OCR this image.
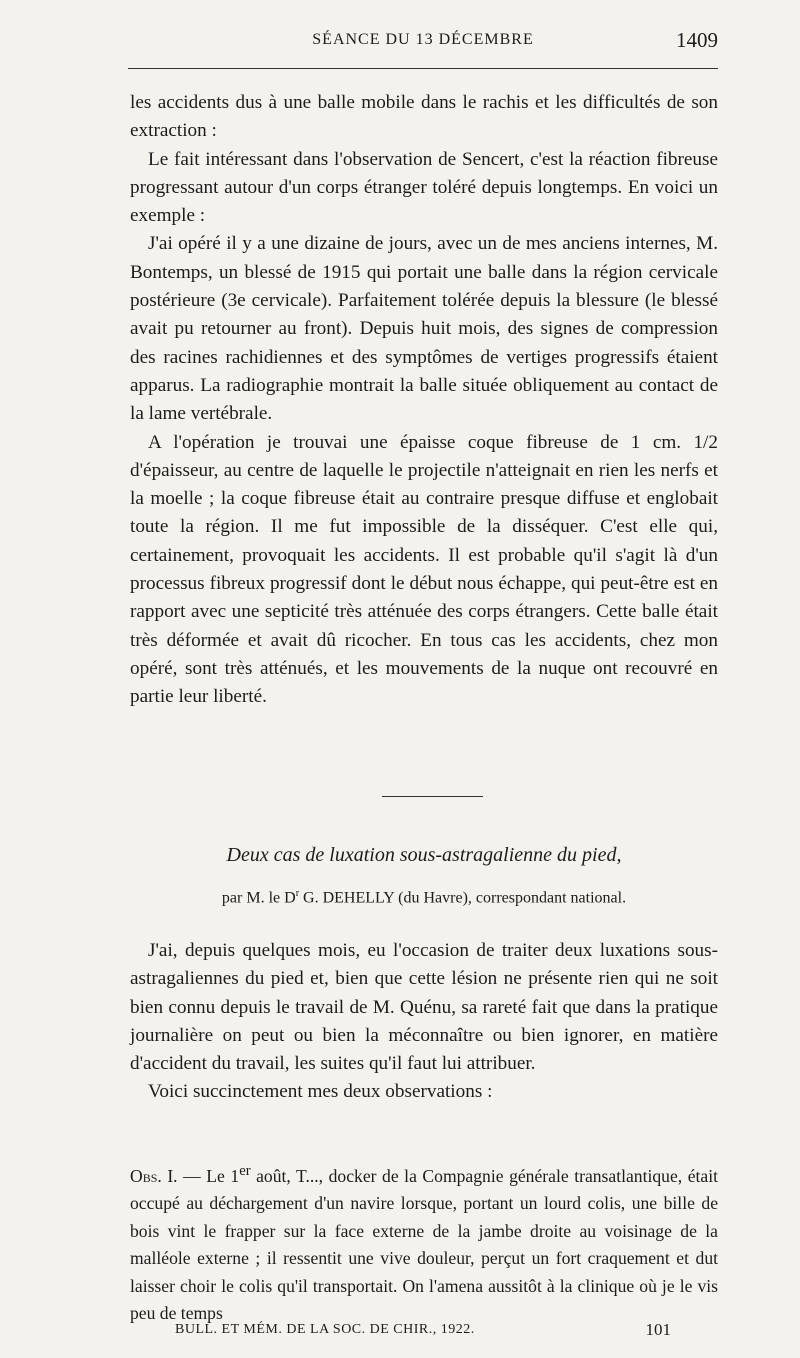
SÉANCE DU 13 DÉCEMBRE	1409

les accidents dus à une balle mobile dans le rachis et les difficultés de son extraction :

Le fait intéressant dans l'observation de Sencert, c'est la réaction fibreuse progressant autour d'un corps étranger toléré depuis longtemps. En voici un exemple :

J'ai opéré il y a une dizaine de jours, avec un de mes anciens internes, M. Bontemps, un blessé de 1915 qui portait une balle dans la région cervicale postérieure (3e cervicale). Parfaitement tolérée depuis la blessure (le blessé avait pu retourner au front). Depuis huit mois, des signes de compression des racines rachidiennes et des symptômes de vertiges progressifs étaient apparus. La radiographie montrait la balle située obliquement au contact de la lame vertébrale.

A l'opération je trouvai une épaisse coque fibreuse de 1 cm. 1/2 d'épaisseur, au centre de laquelle le projectile n'atteignait en rien les nerfs et la moelle ; la coque fibreuse était au contraire presque diffuse et englobait toute la région. Il me fut impossible de la disséquer. C'est elle qui, certainement, provoquait les accidents. Il est probable qu'il s'agit là d'un processus fibreux progressif dont le début nous échappe, qui peut-être est en rapport avec une septicité très atténuée des corps étrangers. Cette balle était très déformée et avait dû ricocher. En tous cas les accidents, chez mon opéré, sont très atténués, et les mouvements de la nuque ont recouvré en partie leur liberté.

Deux cas de luxation sous-astragalienne du pied,
par M. le $D^r$ G. DEHELLY (du Havre), correspondant national.

J'ai, depuis quelques mois, eu l'occasion de traiter deux luxations sous-astragaliennes du pied et, bien que cette lésion ne présente rien qui ne soit bien connu depuis le travail de M. Quénu, sa rareté fait que dans la pratique journalière on peut ou bien la méconnaître ou bien ignorer, en matière d'accident du travail, les suites qu'il faut lui attribuer.

Voici succinctement mes deux observations :

Obs. I. — Le 1er août, T..., docker de la Compagnie générale transatlantique, était occupé au déchargement d'un navire lorsque, portant un lourd colis, une bille de bois vint le frapper sur la face externe de la jambe droite au voisinage de la malléole externe ; il ressentit une vive douleur, perçut un fort craquement et dut laisser choir le colis qu'il transportait. On l'amena aussitôt à la clinique où je le vis peu de temps

BULL. ET MÉM. DE LA SOC. DE CHIR., 1922.	101
